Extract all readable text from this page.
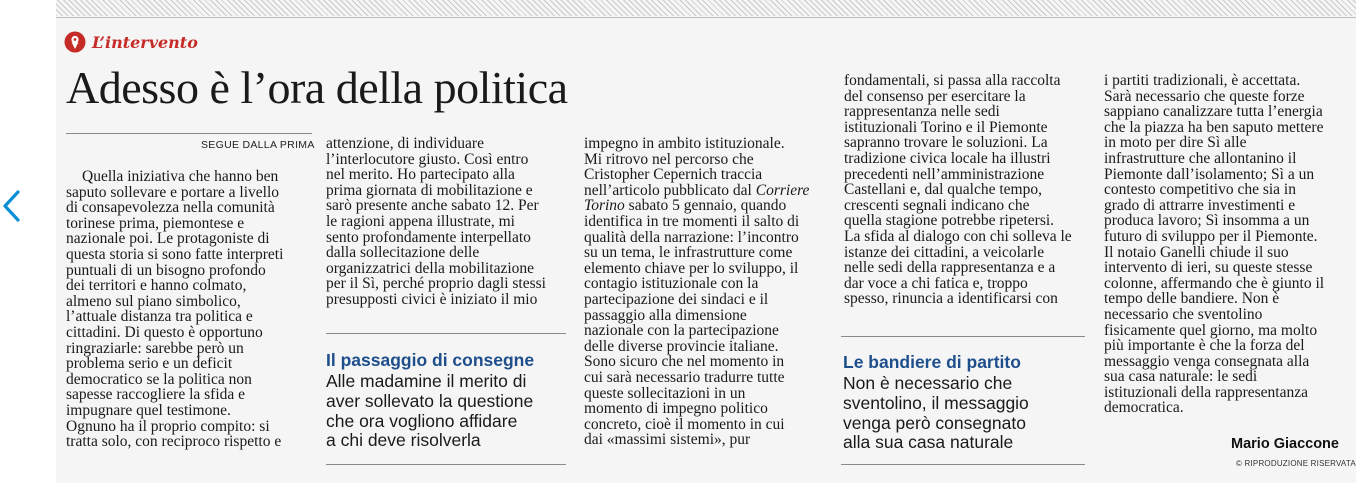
L’intervento
Adesso è l’ora della politica
SEGUE DALLA PRIMA

Quella iniziativa che hanno ben
saputo sollevare e portare a livello
di consapevolezza nella comunità
torinese prima, piemontese e
nazionale poi. Le protagoniste di
questa storia si sono fatte interpreti
puntuali di un bisogno profondo
dei territori e hanno colmato,
almeno sul piano simbolico,
l’attuale distanza tra politica e
cittadini. Di questo è opportuno
ringraziarle: sarebbe però un
problema serio e un deficit
democratico se la politica non
sapesse raccogliere la sfida e
impugnare quel testimone.
Ognuno ha il proprio compito: si
tratta solo, con reciproco rispetto e

attenzione, di individuare
l’interlocutore giusto. Così entro
nel merito. Ho partecipato alla
prima giornata di mobilitazione e
sarò presente anche sabato 12. Per
le ragioni appena illustrate, mi
sento profondamente interpellato
dalla sollecitazione delle
organizzatrici della mobilitazione
per il Sì, perché proprio dagli stessi
presupposti civici è iniziato il mio

impegno in ambito istituzionale.
Mi ritrovo nel percorso che
Cristopher Cepernich traccia
nell’articolo pubblicato dal Corriere
Torino sabato 5 gennaio, quando
identifica in tre momenti il salto di
qualità della narrazione: l’incontro
su un tema, le infrastrutture come
elemento chiave per lo sviluppo, il
contagio istituzionale con la
partecipazione dei sindaci e il
passaggio alla dimensione
nazionale con la partecipazione
delle diverse provincie italiane.
Sono sicuro che nel momento in
cui sarà necessario tradurre tutte
queste sollecitazioni in un
momento di impegno politico
concreto, cioè il momento in cui
dai «massimi sistemi», pur

fondamentali, si passa alla raccolta
del consenso per esercitare la
rappresentanza nelle sedi
istituzionali Torino e il Piemonte
sapranno trovare le soluzioni. La
tradizione civica locale ha illustri
precedenti nell’amministrazione
Castellani e, dal qualche tempo,
crescenti segnali indicano che
quella stagione potrebbe ripetersi.
La sfida al dialogo con chi solleva le
istanze dei cittadini, a veicolarle
nelle sedi della rappresentanza e a
dar voce a chi fatica e, troppo
spesso, rinuncia a identificarsi con

i partiti tradizionali, è accettata.
Sarà necessario che queste forze
sappiano canalizzare tutta l’energia
che la piazza ha ben saputo mettere
in moto per dire Sì alle
infrastrutture che allontanino il
Piemonte dall’isolamento; Sì a un
contesto competitivo che sia in
grado di attrarre investimenti e
produca lavoro; Sì insomma a un
futuro di sviluppo per il Piemonte.
Il notaio Ganelli chiude il suo
intervento di ieri, su queste stesse
colonne, affermando che è giunto il
tempo delle bandiere. Non è
necessario che sventolino
fisicamente quel giorno, ma molto
più importante è che la forza del
messaggio venga consegnata alla
sua casa naturale: le sedi
istituzionali della rappresentanza
democratica.

Il passaggio di consegne

Alle madamine il merito di
aver sollevato la questione
che ora vogliono affidare
a chi deve risolverla

Le bandiere di partito

Non è necessario che
sventolino, il messaggio
venga però consegnato
alla sua casa naturale	Mario Giaccone
© RIPRODUZIONE RISERVATA
